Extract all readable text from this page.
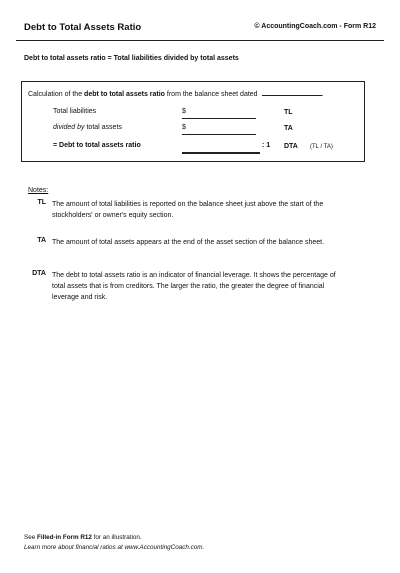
Debt to Total Assets Ratio	© AccountingCoach.com - Form R12
Debt to total assets ratio = Total liabilities divided by total assets
Calculation of the debt to total assets ratio from the balance sheet dated	.
Total liabilities	$	TL
divided by total assets	$	TA
= Debt to total assets ratio	: 1 DTA (TL / TA)
Notes:
TL The amount of total liabilities is reported on the balance sheet just above the start of the stockholders' or owner's equity section.
TA The amount of total assets appears at the end of the asset section of the balance sheet.
DTA The debt to total assets ratio is an indicator of financial leverage. It shows the percentage of total assets that is from creditors. The larger the ratio, the greater the degree of financial leverage and risk.
See Filled-in Form R12 for an illustration.
Learn more about financial ratios at www.AccountingCoach.com.
